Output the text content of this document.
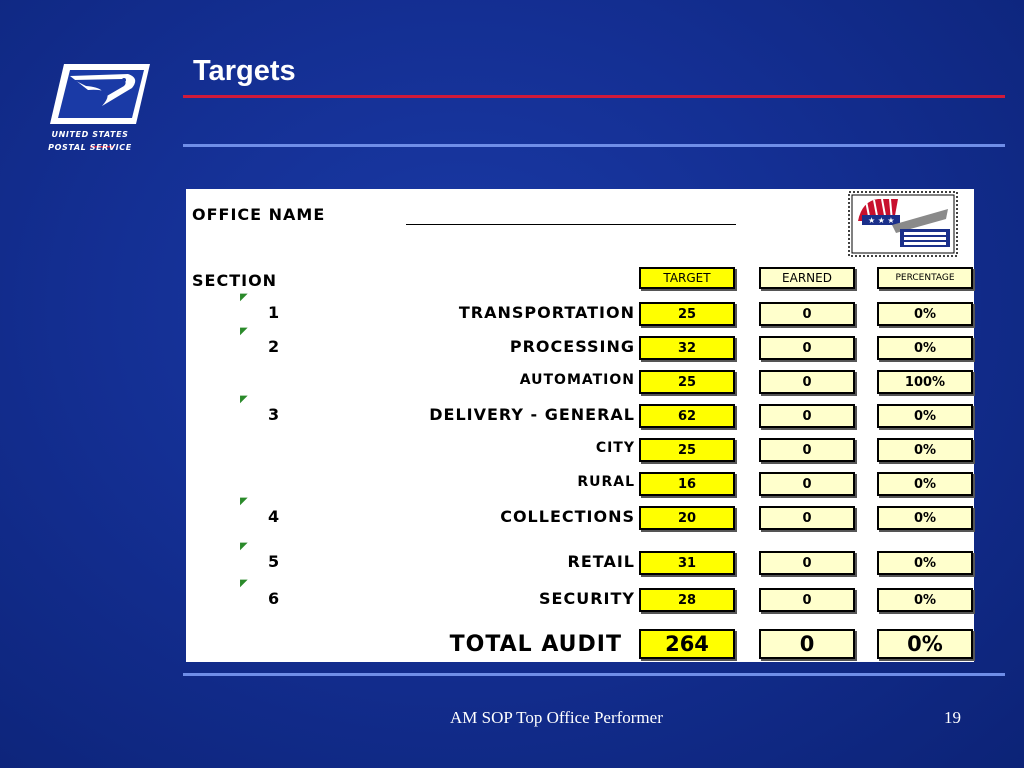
UNITED STATES
POSTAL SERVICE
Targets
OFFICE NAME	★ ★ ★
SECTION	TARGET	EARNED	PERCENTAGE
◤
1	TRANSPORTATION	25	0	0%
◤
2	PROCESSING	32	0	0%
AUTOMATION	25	0	100%
◤
3	DELIVERY - GENERAL	62	0	0%
CITY	25	0	0%
RURAL	16	0	0%
◤
4	COLLECTIONS	20	0	0%
◤
5	RETAIL	31	0	0%
◤
6	SECURITY	28	0	0%
TOTAL AUDIT	264	0	0%
AM SOP Top Office Performer	19
